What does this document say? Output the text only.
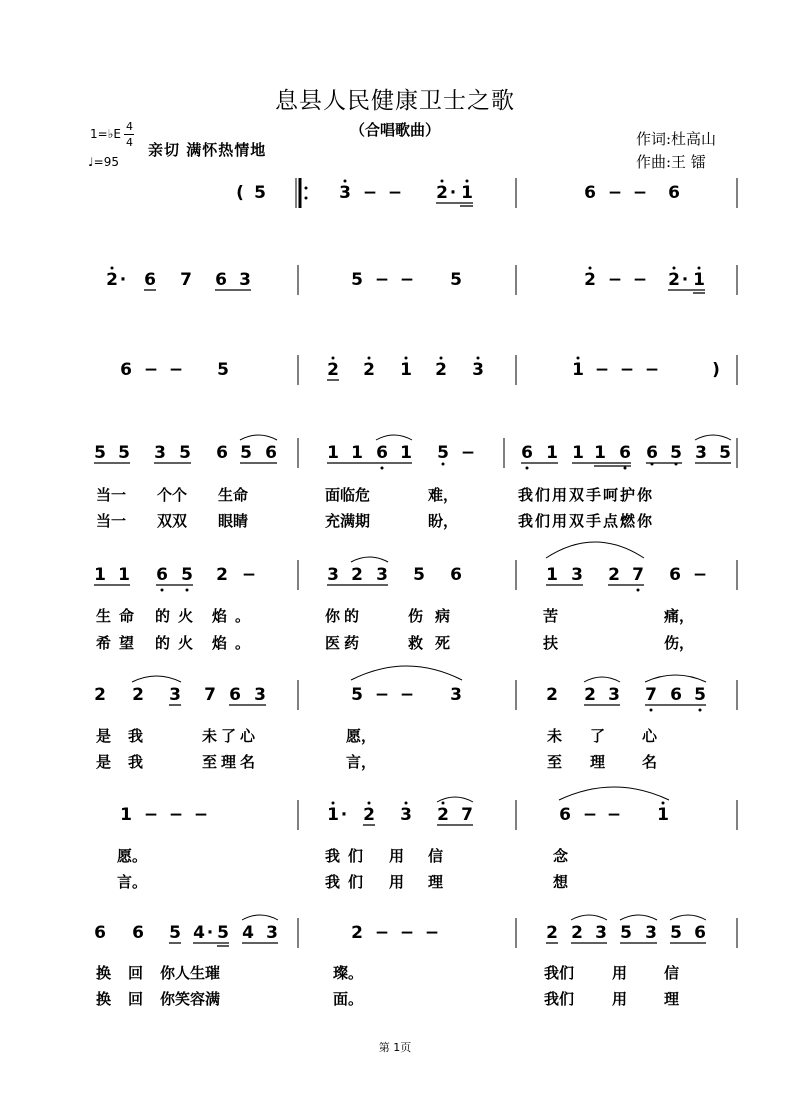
息县人民健康卫士之歌
（合唱歌曲）	作词:杜高山
作曲:王 镭
1=♭E
4
4
♩=95
亲切 满怀热情地
( 5	3 − − 2 · 1	6 − − 6
2 · 6 7 6 3	5 − − 5	2 − − 2 · 1
6 − − 5	2 2 1 2 3	1 − − −	)
5 5 3 5 6 5 6	1 1 6 1 5 −	6 1 1 1 6 6 5 3 5
1 1 6 5 2 −	3 2 3 5 6	1 3 2 7 6 −
2 2 3 7 6 3	5 − − 3	2 2 3 7 6 5
1 − − −	1 · 2 3 2 7	6 − − 1
6 6 5 4 · 5 4 3	2 − − −	2 2 3 5 3 5 6
当一 个个 生命	面临危	难，	我们用双手呵护你
当一 双双 眼睛	充满期	盼，	我们用双手点燃你
生命 的火 焰。	你的	伤病	苦	痛，
希望 的火 焰。	医药	救死	扶	伤，
是 我	未了心	愿，	未 了 心
是 我	至理名	言，	至 理 名
愿。	我们 用信	念
言。	我们 用理	想
换 回 你人生璀	璨。	我们	用 信
换 回 你笑容满	面。	我们	用 理
第 1页
